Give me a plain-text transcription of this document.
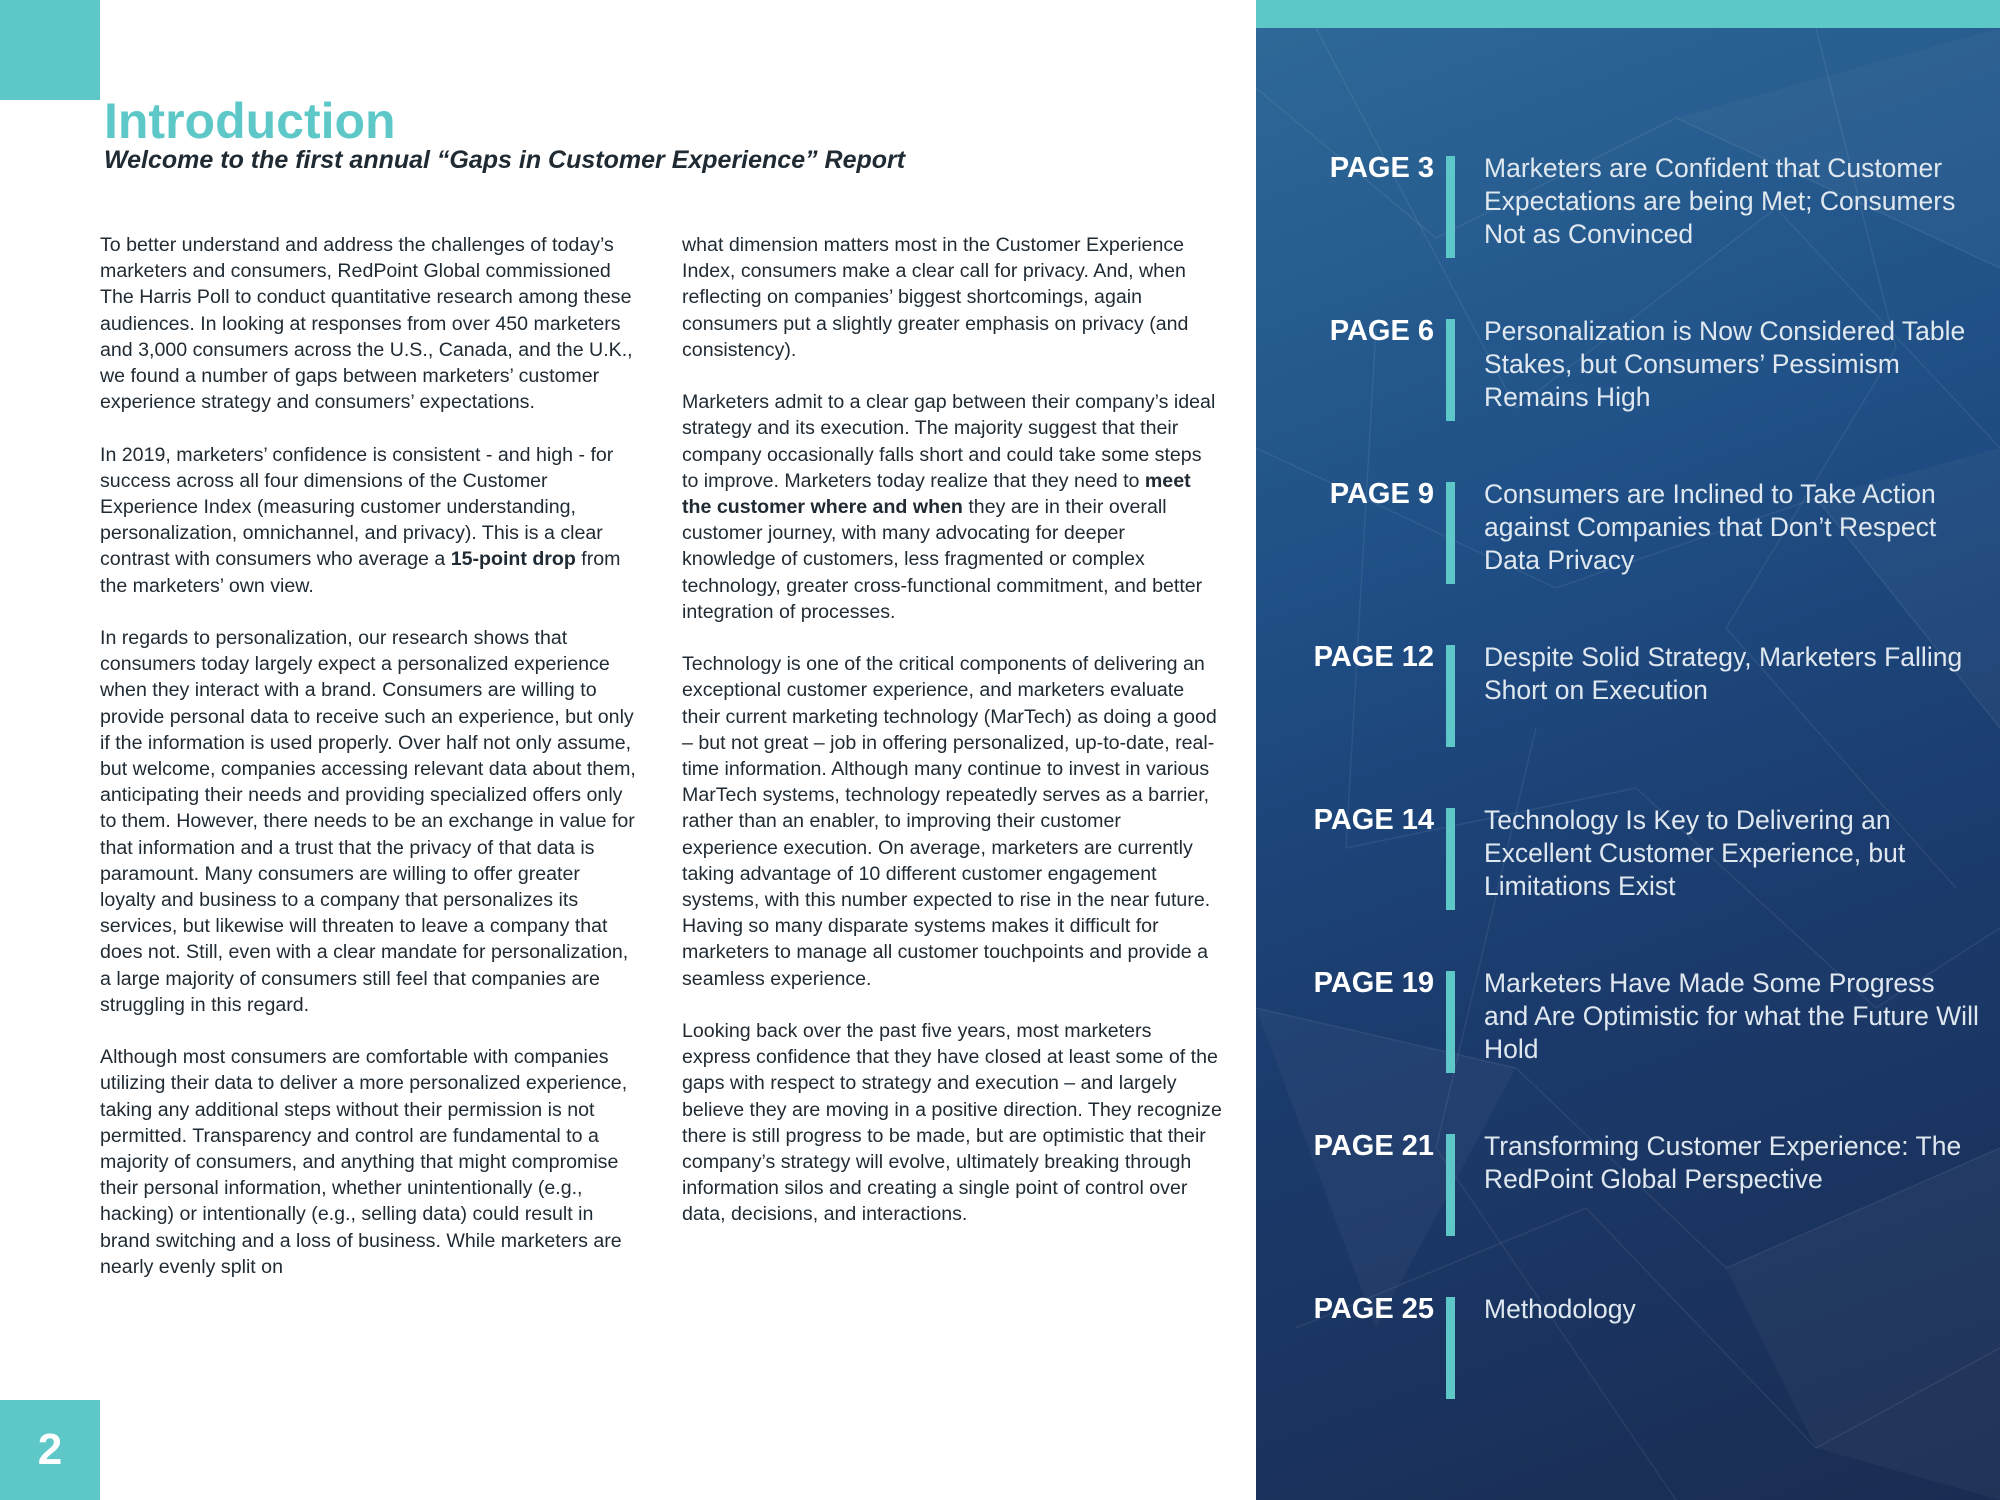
Introduction
Welcome to the first annual “Gaps in Customer Experience” Report

To better understand and address the challenges of today’s marketers and consumers, RedPoint Global commissioned The Harris Poll to conduct quantitative research among these audiences. In looking at responses from over 450 marketers and 3,000 consumers across the U.S., Canada, and the U.K., we found a number of gaps between marketers’ customer experience strategy and consumers’ expectations.

In 2019, marketers’ confidence is consistent - and high - for success across all four dimensions of the Customer Experience Index (measuring customer understanding, personalization, omnichannel, and privacy). This is a clear contrast with consumers who average a 15-point drop from the marketers’ own view.

In regards to personalization, our research shows that consumers today largely expect a personalized experience when they interact with a brand. Consumers are willing to provide personal data to receive such an experience, but only if the information is used properly. Over half not only assume, but welcome, companies accessing relevant data about them, anticipating their needs and providing specialized offers only to them. However, there needs to be an exchange in value for that information and a trust that the privacy of that data is paramount. Many consumers are willing to offer greater loyalty and business to a company that personalizes its services, but likewise will threaten to leave a company that does not. Still, even with a clear mandate for personalization, a large majority of consumers still feel that companies are struggling in this regard.

Although most consumers are comfortable with companies utilizing their data to deliver a more personalized experience, taking any additional steps without their permission is not permitted. Transparency and control are fundamental to a majority of consumers, and anything that might compromise their personal information, whether unintentionally (e.g., hacking) or intentionally (e.g., selling data) could result in brand switching and a loss of business. While marketers are nearly evenly split on

what dimension matters most in the Customer Experience Index, consumers make a clear call for privacy. And, when reflecting on companies’ biggest shortcomings, again consumers put a slightly greater emphasis on privacy (and consistency).

Marketers admit to a clear gap between their company’s ideal strategy and its execution. The majority suggest that their company occasionally falls short and could take some steps to improve. Marketers today realize that they need to meet the customer where and when they are in their overall customer journey, with many advocating for deeper knowledge of customers, less fragmented or complex technology, greater cross-functional commitment, and better integration of processes.

Technology is one of the critical components of delivering an exceptional customer experience, and marketers evaluate their current marketing technology (MarTech) as doing a good – but not great – job in offering personalized, up-to-date, real-time information. Although many continue to invest in various MarTech systems, technology repeatedly serves as a barrier, rather than an enabler, to improving their customer experience execution. On average, marketers are currently taking advantage of 10 different customer engagement systems, with this number expected to rise in the near future. Having so many disparate systems makes it difficult for marketers to manage all customer touchpoints and provide a seamless experience.

Looking back over the past five years, most marketers express confidence that they have closed at least some of the gaps with respect to strategy and execution – and largely believe they are moving in a positive direction. They recognize there is still progress to be made, but are optimistic that their company’s strategy will evolve, ultimately breaking through information silos and creating a single point of control over data, decisions, and interactions.

2
PAGE 3 Marketers are Confident that Customer Expectations are being Met; Consumers Not as Convinced
PAGE 6 Personalization is Now Considered Table Stakes, but Consumers’ Pessimism Remains High
PAGE 9 Consumers are Inclined to Take Action against Companies that Don’t Respect Data Privacy
PAGE 12 Despite Solid Strategy, Marketers Falling Short on Execution
PAGE 14 Technology Is Key to Delivering an Excellent Customer Experience, but Limitations Exist
PAGE 19 Marketers Have Made Some Progress and Are Optimistic for what the Future Will Hold
PAGE 21 Transforming Customer Experience: The RedPoint Global Perspective
PAGE 25 Methodology
